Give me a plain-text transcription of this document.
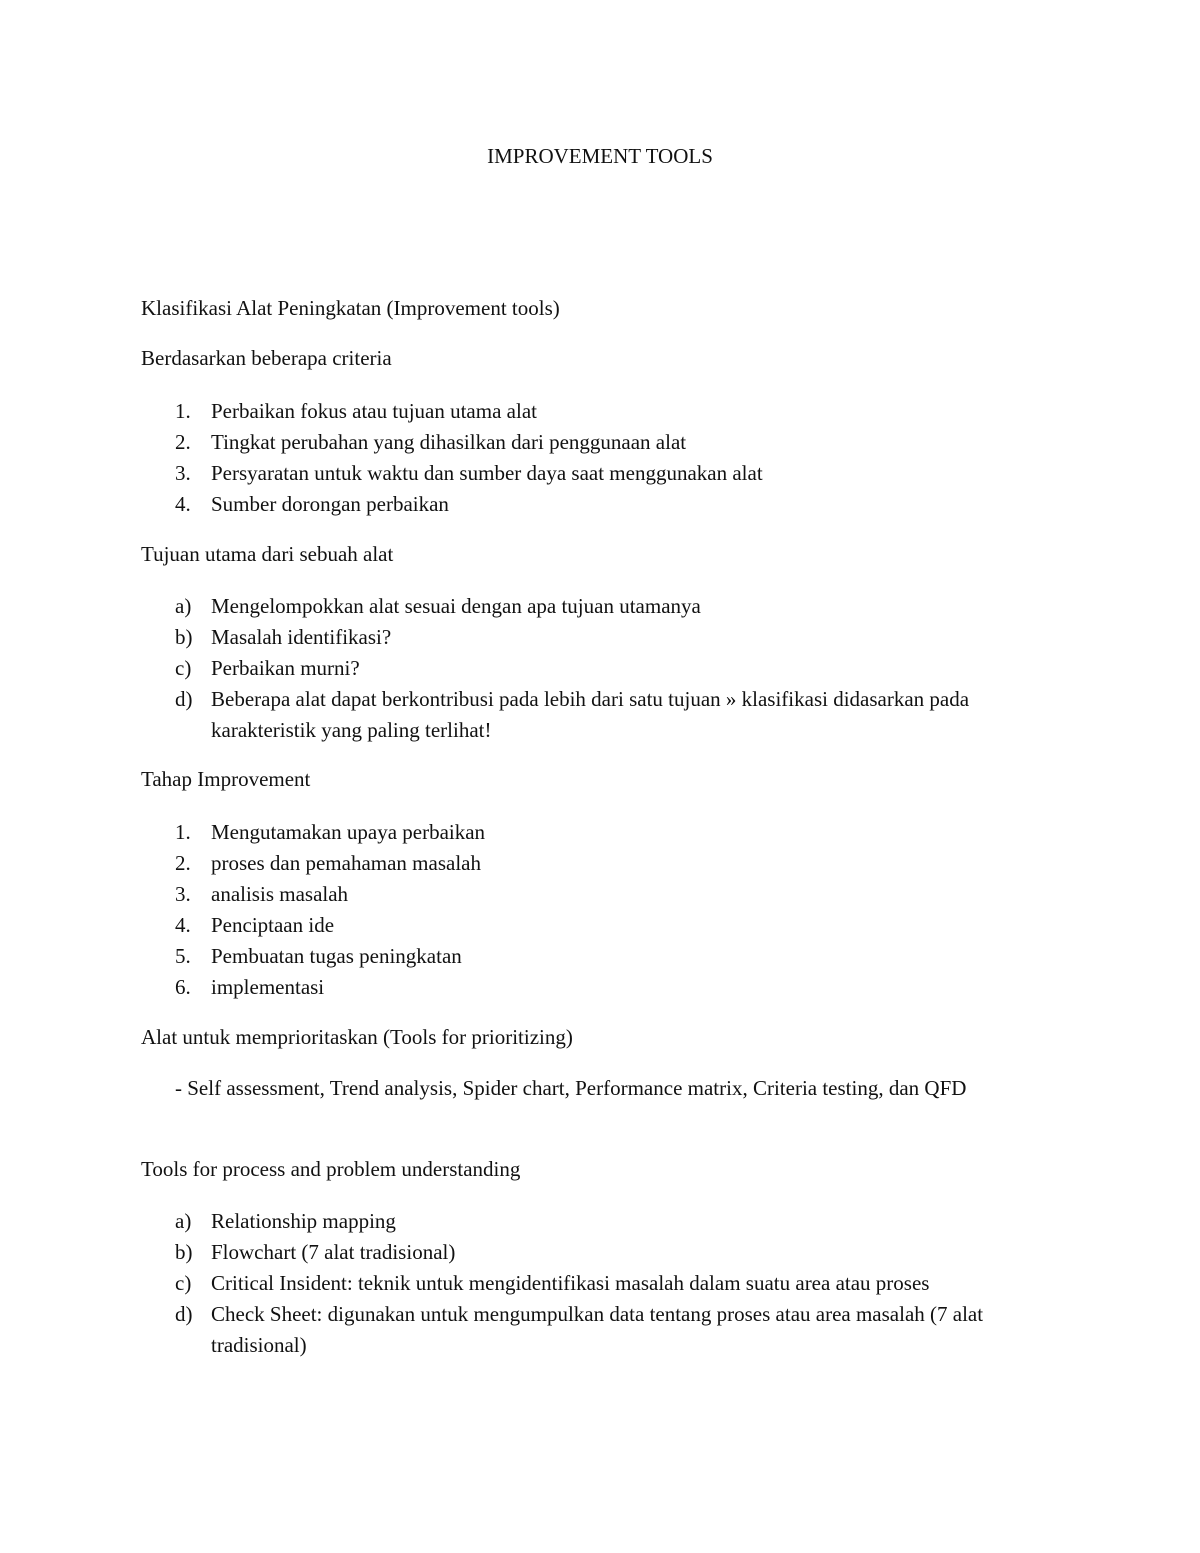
IMPROVEMENT TOOLS

Klasifikasi Alat Peningkatan (Improvement tools)

Berdasarkan beberapa criteria

1. Perbaikan fokus atau tujuan utama alat
2. Tingkat perubahan yang dihasilkan dari penggunaan alat
3. Persyaratan untuk waktu dan sumber daya saat menggunakan alat
4. Sumber dorongan perbaikan

Tujuan utama dari sebuah alat

a) Mengelompokkan alat sesuai dengan apa tujuan utamanya
b) Masalah identifikasi?
c) Perbaikan murni?
d) Beberapa alat dapat berkontribusi pada lebih dari satu tujuan » klasifikasi didasarkan pada karakteristik yang paling terlihat!

Tahap Improvement

1. Mengutamakan upaya perbaikan
2. proses dan pemahaman masalah
3. analisis masalah
4. Penciptaan ide
5. Pembuatan tugas peningkatan
6. implementasi

Alat untuk memprioritaskan (Tools for prioritizing)

- Self assessment, Trend analysis, Spider chart, Performance matrix, Criteria testing, dan QFD

Tools for process and problem understanding

a) Relationship mapping
b) Flowchart (7 alat tradisional)
c) Critical Insident: teknik untuk mengidentifikasi masalah dalam suatu area atau proses
d) Check Sheet: digunakan untuk mengumpulkan data tentang proses atau area masalah (7 alat tradisional)
